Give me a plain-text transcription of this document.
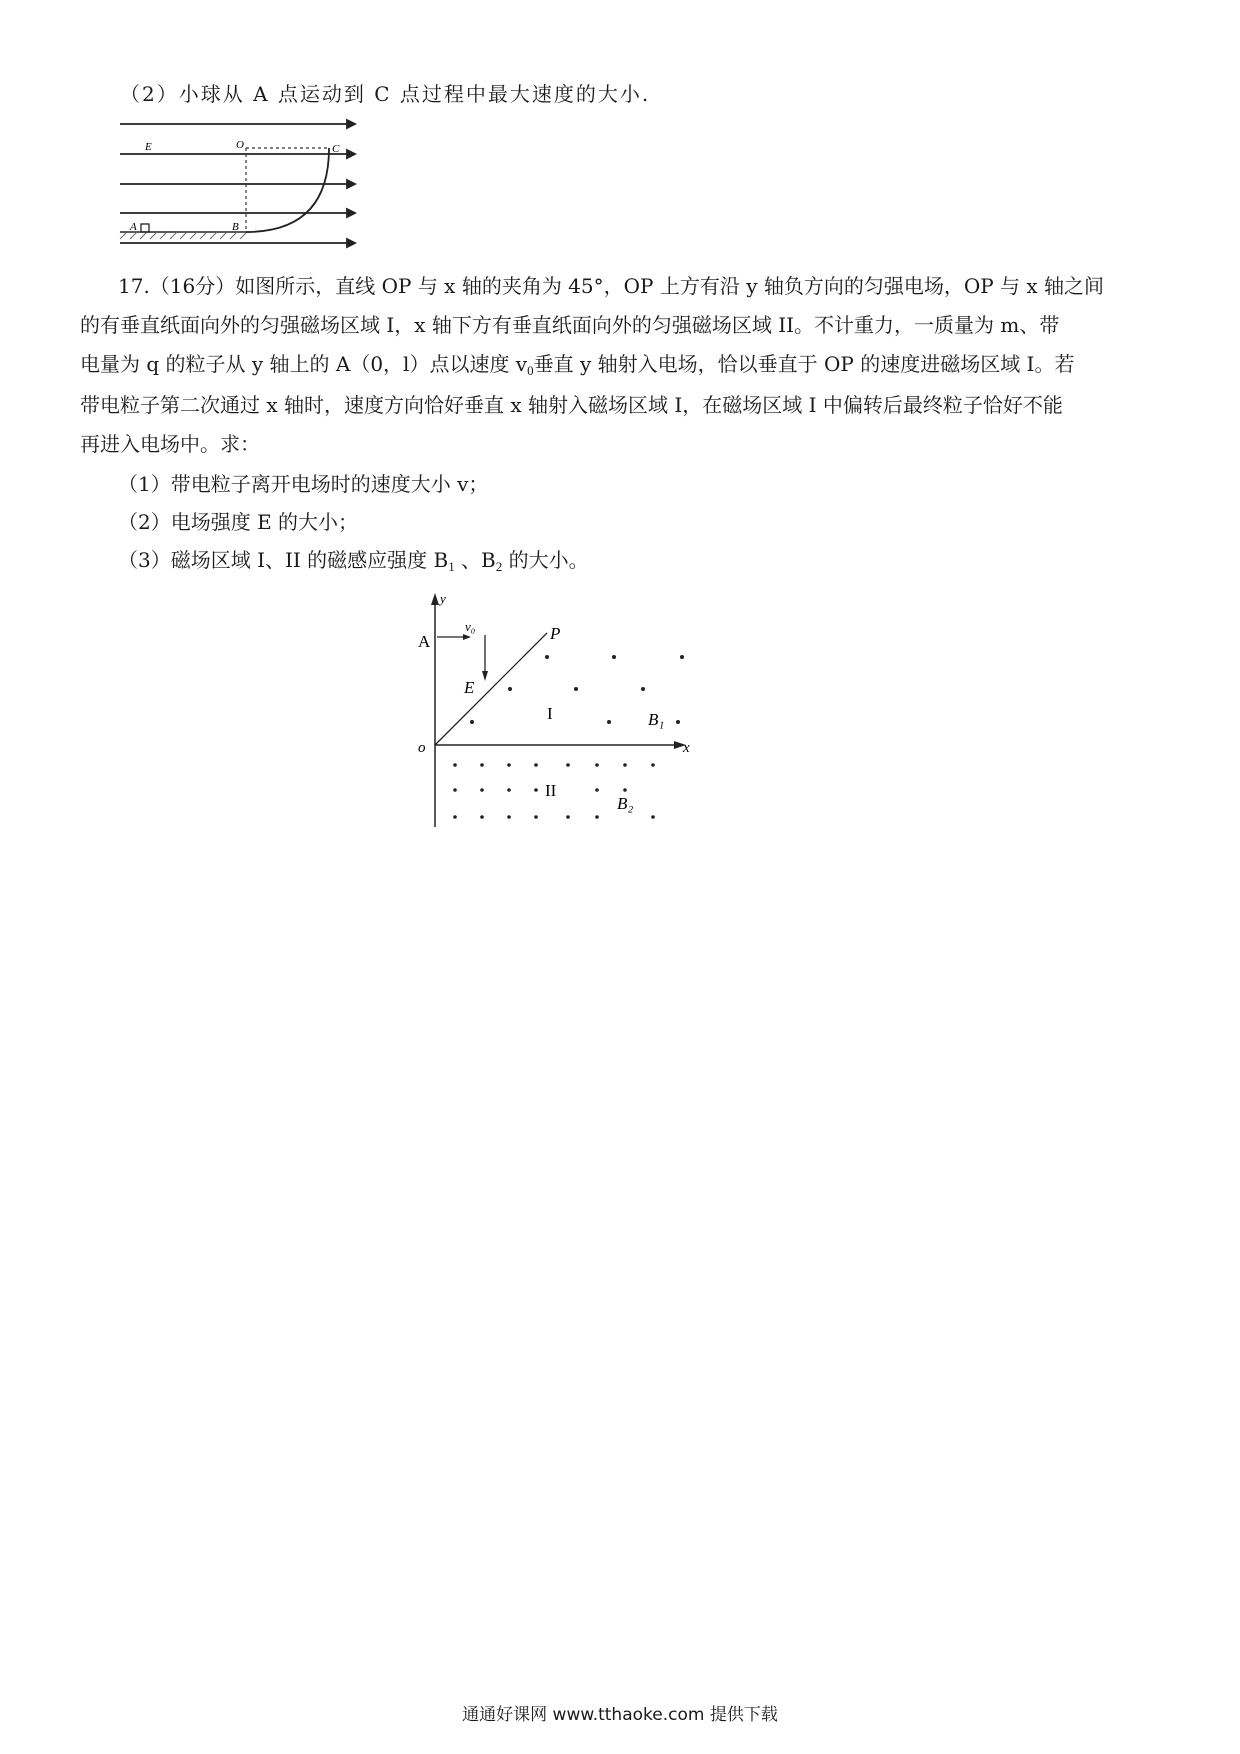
（2）小球从 A 点运动到 C 点过程中最大速度的大小.
E	O	C
A	B
17.（16分）如图所示，直线 OP 与 x 轴的夹角为 45°，OP 上方有沿 y 轴负方向的匀强电场，OP 与 x 轴之间
的有垂直纸面向外的匀强磁场区域 I，x 轴下方有垂直纸面向外的匀强磁场区域 II。不计重力，一质量为 m、带
电量为 q 的粒子从 y 轴上的 A（0，l）点以速度 $v_0$垂直 y 轴射入电场，恰以垂直于 OP 的速度进磁场区域 I。若
带电粒子第二次通过 x 轴时，速度方向恰好垂直 x 轴射入磁场区域 I，在磁场区域 I 中偏转后最终粒子恰好不能
再进入电场中。求：
（1）带电粒子离开电场时的速度大小 v；
（2）电场强度 E 的大小；
（3）磁场区域 I、II 的磁感应强度 $B_1$ 、$B_2$ 的大小。
y
A
v₀	P
E
I	B₁
o	x
II
B₂
通通好课网 www.tthaoke.com 提供下载
